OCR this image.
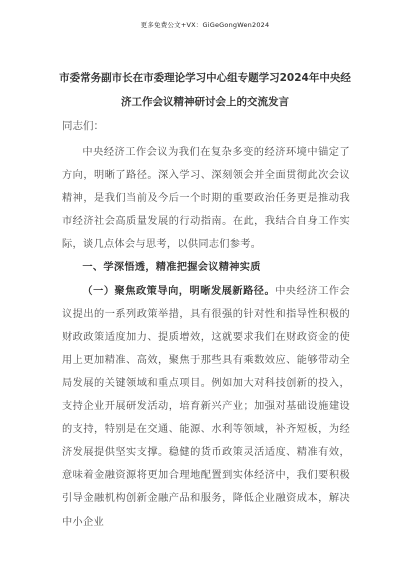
更多免费公文+VX：GiGeGongWen2024
市委常务副市长在市委理论学习中心组专题学习2024年中央经济工作会议精神研讨会上的交流发言
同志们：

中央经济工作会议为我们在复杂多变的经济环境中锚定了方向，明晰了路径。深入学习、深刻领会并全面贯彻此次会议精神，是我们当前及今后一个时期的重要政治任务更是推动我市经济社会高质量发展的行动指南。在此，我结合自身工作实际，谈几点体会与思考，以供同志们参考。

一、学深悟透，精准把握会议精神实质

（一）聚焦政策导向，明晰发展新路径。中央经济工作会议提出的一系列政策举措，具有很强的针对性和指导性积极的财政政策适度加力、提质增效，这就要求我们在财政资金的使用上更加精准、高效，聚焦于那些具有乘数效应、能够带动全局发展的关键领域和重点项目。例如加大对科技创新的投入，支持企业开展研发活动，培育新兴产业；加强对基础设施建设的支持，特别是在交通、能源、水利等领域，补齐短板，为经济发展提供坚实支撑。稳健的货币政策灵活适度、精准有效，意味着金融资源将更加合理地配置到实体经济中，我们要积极引导金融机构创新金融产品和服务，降低企业融资成本，解决中小企业
